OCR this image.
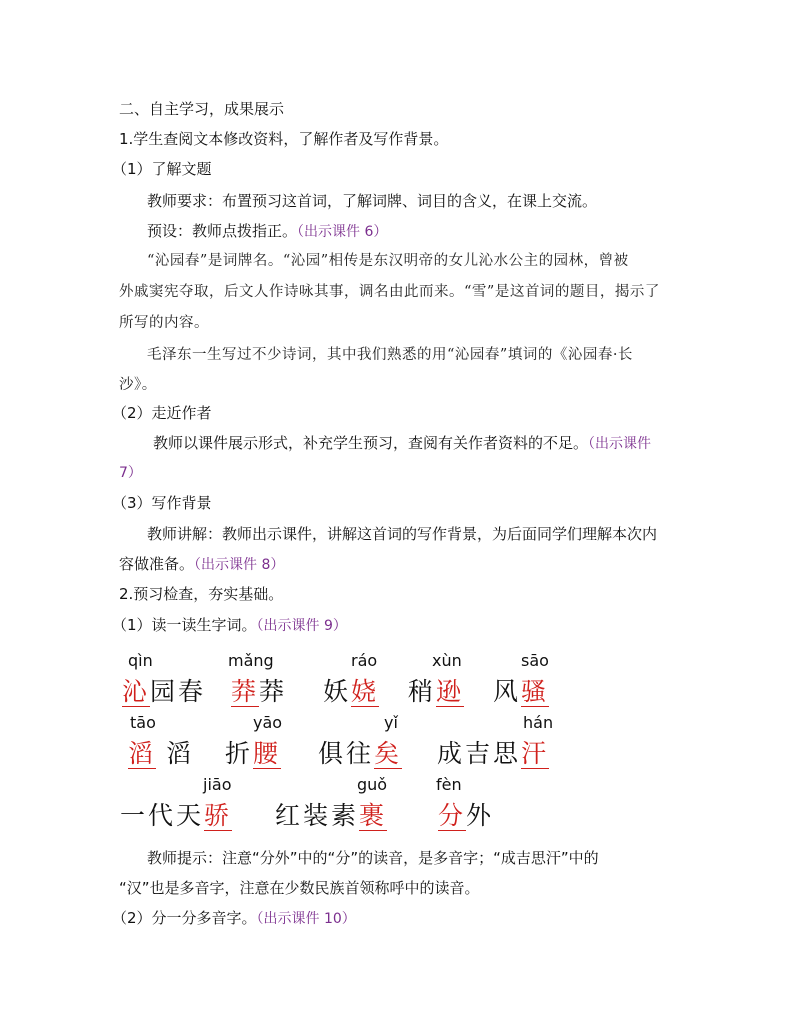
二、自主学习，成果展示
1.学生查阅文本修改资料，了解作者及写作背景。
（1）了解文题
教师要求：布置预习这首词，了解词牌、词目的含义，在课上交流。
预设：教师点拨指正。（出示课件 6）
“沁园春”是词牌名。“沁园”相传是东汉明帝的女儿沁水公主的园林，曾被
外戚窦宪夺取，后文人作诗咏其事，调名由此而来。“雪”是这首词的题目，揭示了
所写的内容。
毛泽东一生写过不少诗词，其中我们熟悉的用“沁园春”填词的《沁园春·长
沙》。
（2）走近作者
教师以课件展示形式，补充学生预习，查阅有关作者资料的不足。（出示课件
7）
（3）写作背景
教师讲解：教师出示课件，讲解这首词的写作背景，为后面同学们理解本次内
容做准备。（出示课件 8）
2.预习检查，夯实基础。
（1）读一读生字词。（出示课件 9）
qìn
沁园春
mǎng
莽莽
ráo
妖娆
xùn
稍逊
sāo
风骚
tāo
滔 滔
yāo
折腰
yǐ
俱往矣
hán
成吉思汗
jiāo
一代天骄
guǒ
红装素裹
fèn
分外
教师提示：注意“分外”中的“分”的读音，是多音字；“成吉思汗”中的
“汉”也是多音字，注意在少数民族首领称呼中的读音。
（2）分一分多音字。（出示课件 10）
